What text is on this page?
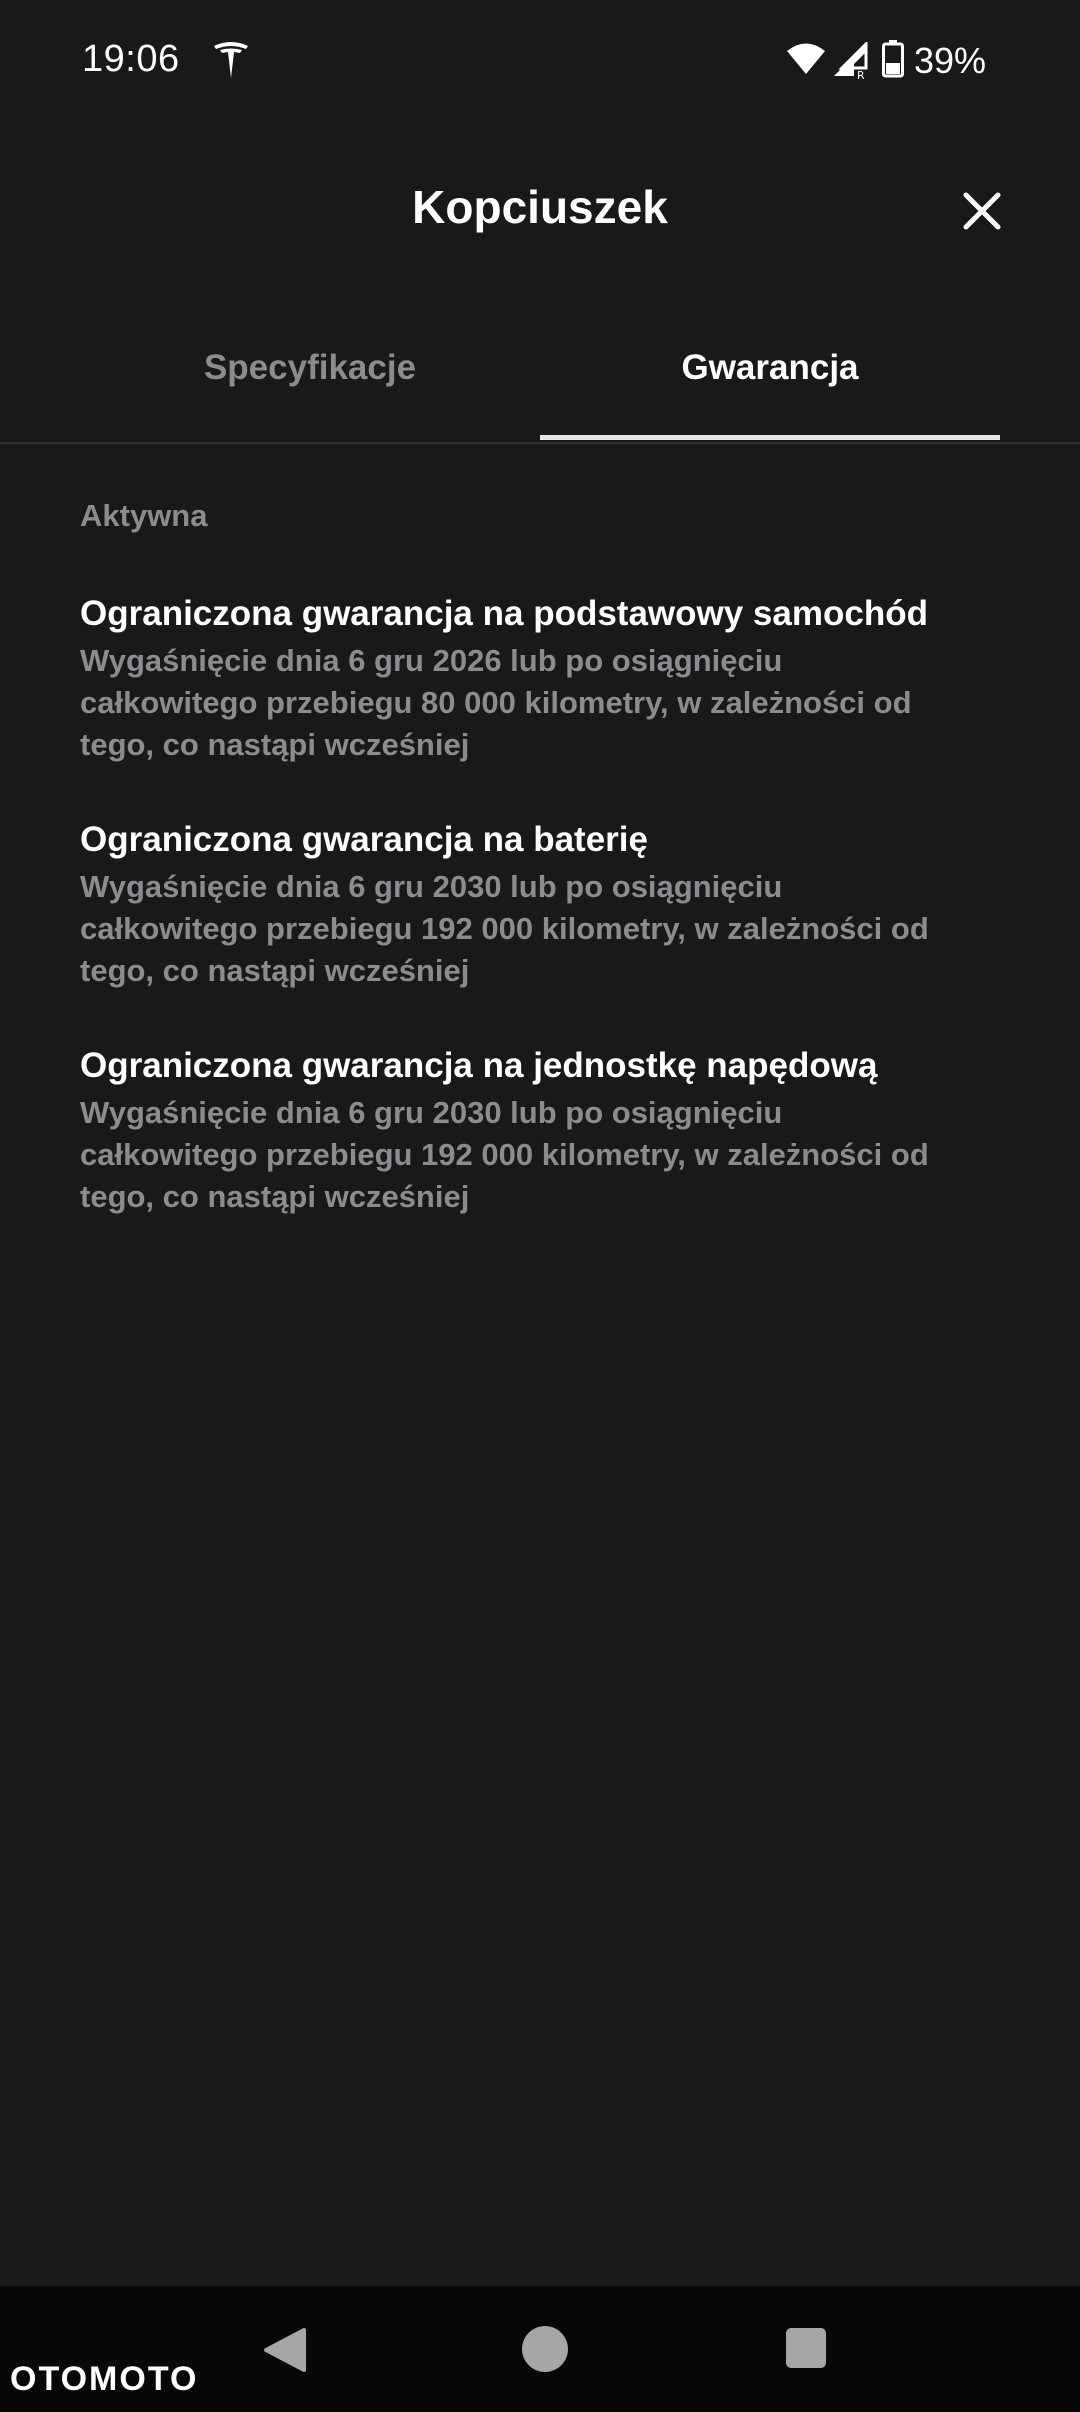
19:06	R 39%
Kopciuszek
Specyfikacje	Gwarancja
Aktywna
Ograniczona gwarancja na podstawowy samochód
Wygaśnięcie dnia 6 gru 2026 lub po osiągnięciu
całkowitego przebiegu 80 000 kilometry, w zależności od
tego, co nastąpi wcześniej
Ograniczona gwarancja na baterię
Wygaśnięcie dnia 6 gru 2030 lub po osiągnięciu
całkowitego przebiegu 192 000 kilometry, w zależności od
tego, co nastąpi wcześniej
Ograniczona gwarancja na jednostkę napędową
Wygaśnięcie dnia 6 gru 2030 lub po osiągnięciu
całkowitego przebiegu 192 000 kilometry, w zależności od
tego, co nastąpi wcześniej
OTOMOTO
